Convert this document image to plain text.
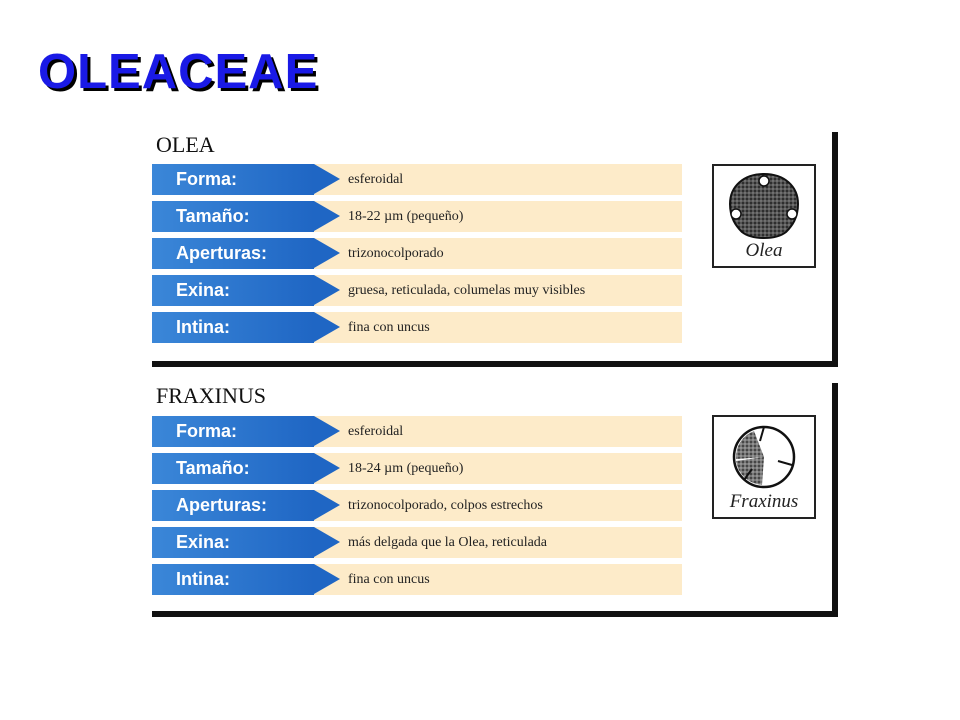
OLEACEAE
OLEA
Forma:	esferoidal
Tamaño:	18-22 µm (pequeño)
Aperturas:	trizonocolporado
Exina:	gruesa, reticulada, columelas muy visibles
Intina:	fina con uncus
Olea
FRAXINUS
Forma:	esferoidal
Tamaño:	18-24 µm (pequeño)
Aperturas:	trizonocolporado, colpos estrechos
Exina:	más delgada que la Olea, reticulada
Intina:	fina con uncus
Fraxinus
